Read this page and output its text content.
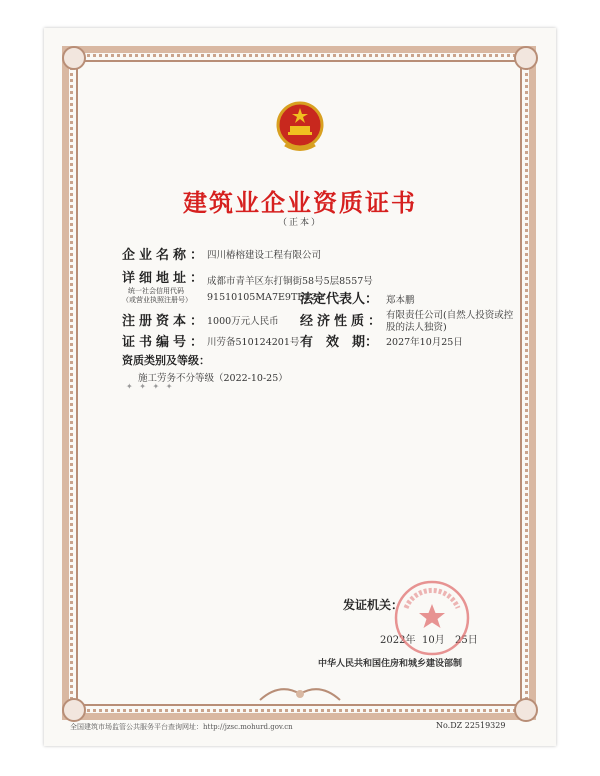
建筑业企业资质证书
（正本）
企业名称： 四川椿榕建设工程有限公司
详细地址： 成都市青羊区东打铜街58号5层8557号
统一社会信用代码
（或营业执照注册号） 91510105MA7E9TEF20
法定代表人： 郑本鹏
注册资本： 1000万元人民币 经济性质： 有限责任公司(自然人投资或控股的法人独资)
证书编号： 川劳备510124201号 有　效　期： 2027年10月25日
资质类别及等级：
施工劳务不分等级（2022-10-25）
✦ ✦ ✦ ✦
发证机关：
2022年 10月 25日
中华人民共和国住房和城乡建设部制
全国建筑市场监管公共服务平台查询网址：http://jzsc.mohurd.gov.cn	No.DZ 22519329
